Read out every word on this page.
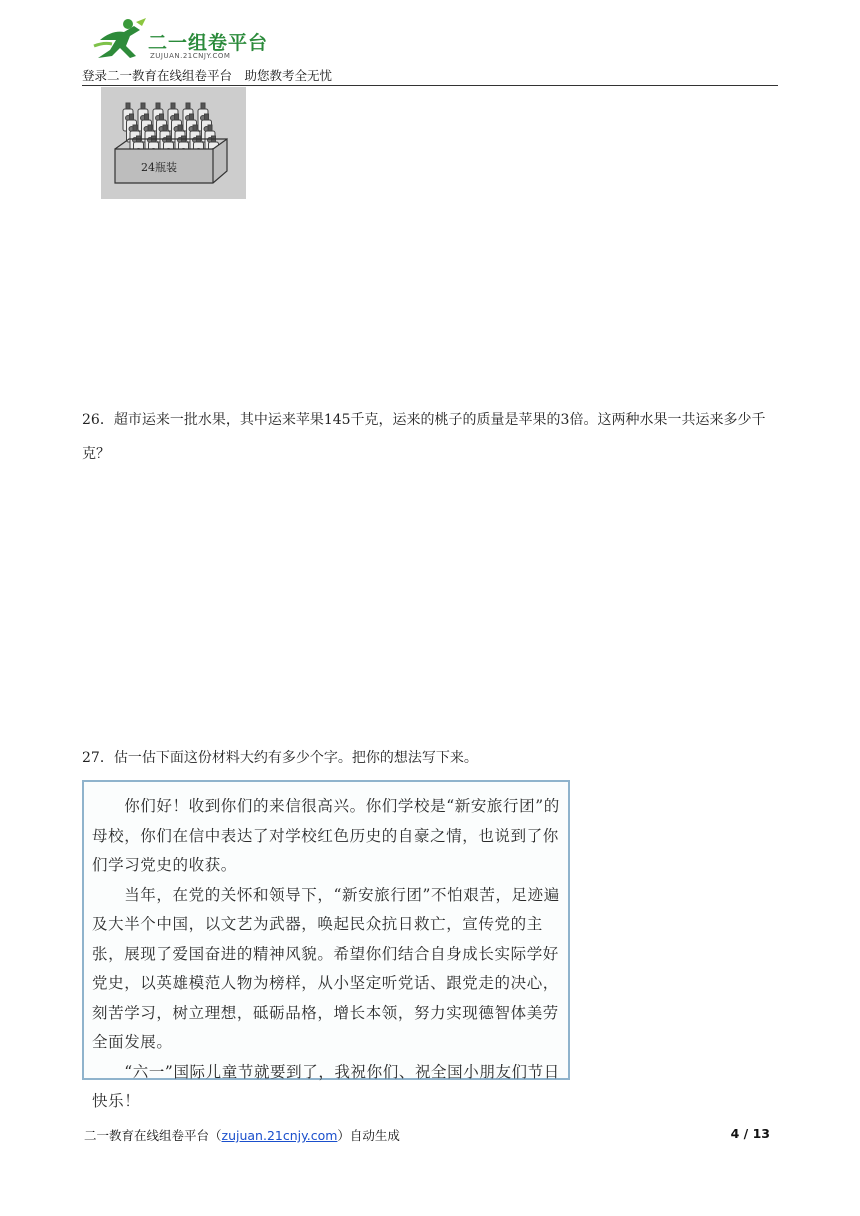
二一组卷平台
ZUJUAN.21CNJY.COM
登录二一教育在线组卷平台　助您教考全无忧
24瓶装
26．超市运来一批水果，其中运来苹果145千克，运来的桃子的质量是苹果的3倍。这两种水果一共运来多少千克？
27．估一估下面这份材料大约有多少个字。把你的想法写下来。
　　你们好！收到你们的来信很高兴。你们学校是“新安旅行团”的母校，你们在信中表达了对学校红色历史的自豪之情，也说到了你们学习党史的收获。
　　当年，在党的关怀和领导下，“新安旅行团”不怕艰苦，足迹遍及大半个中国，以文艺为武器，唤起民众抗日救亡，宣传党的主张，展现了爱国奋进的精神风貌。希望你们结合自身成长实际学好党史，以英雄模范人物为榜样，从小坚定听党话、跟党走的决心，刻苦学习，树立理想，砥砺品格，增长本领，努力实现德智体美劳全面发展。
　　“六一”国际儿童节就要到了，我祝你们、祝全国小朋友们节日快乐！
二一教育在线组卷平台（zujuan.21cnjy.com）自动生成	4 / 13
